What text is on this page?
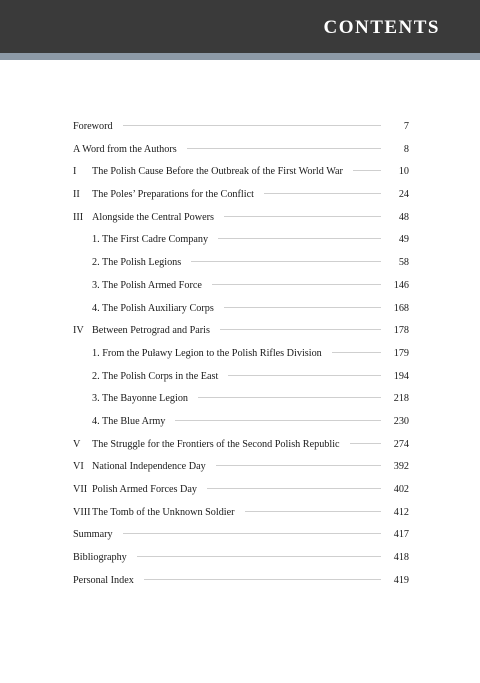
CONTENTS
Foreword	7
A Word from the Authors	8
I	The Polish Cause Before the Outbreak of the First World War	10
II	The Poles’ Preparations for the Conflict	24
III Alongside the Central Powers	48
1. The First Cadre Company	49
2. The Polish Legions	58
3. The Polish Armed Force	146
4. The Polish Auxiliary Corps	168
IV Between Petrograd and Paris	178
1. From the Puławy Legion to the Polish Rifles Division	179
2. The Polish Corps in the East	194
3. The Bayonne Legion	218
4. The Blue Army	230
V	The Struggle for the Frontiers of the Second Polish Republic	274
VI National Independence Day	392
VII Polish Armed Forces Day	402
VIII The Tomb of the Unknown Soldier	412
Summary	417
Bibliography	418
Personal Index	419
